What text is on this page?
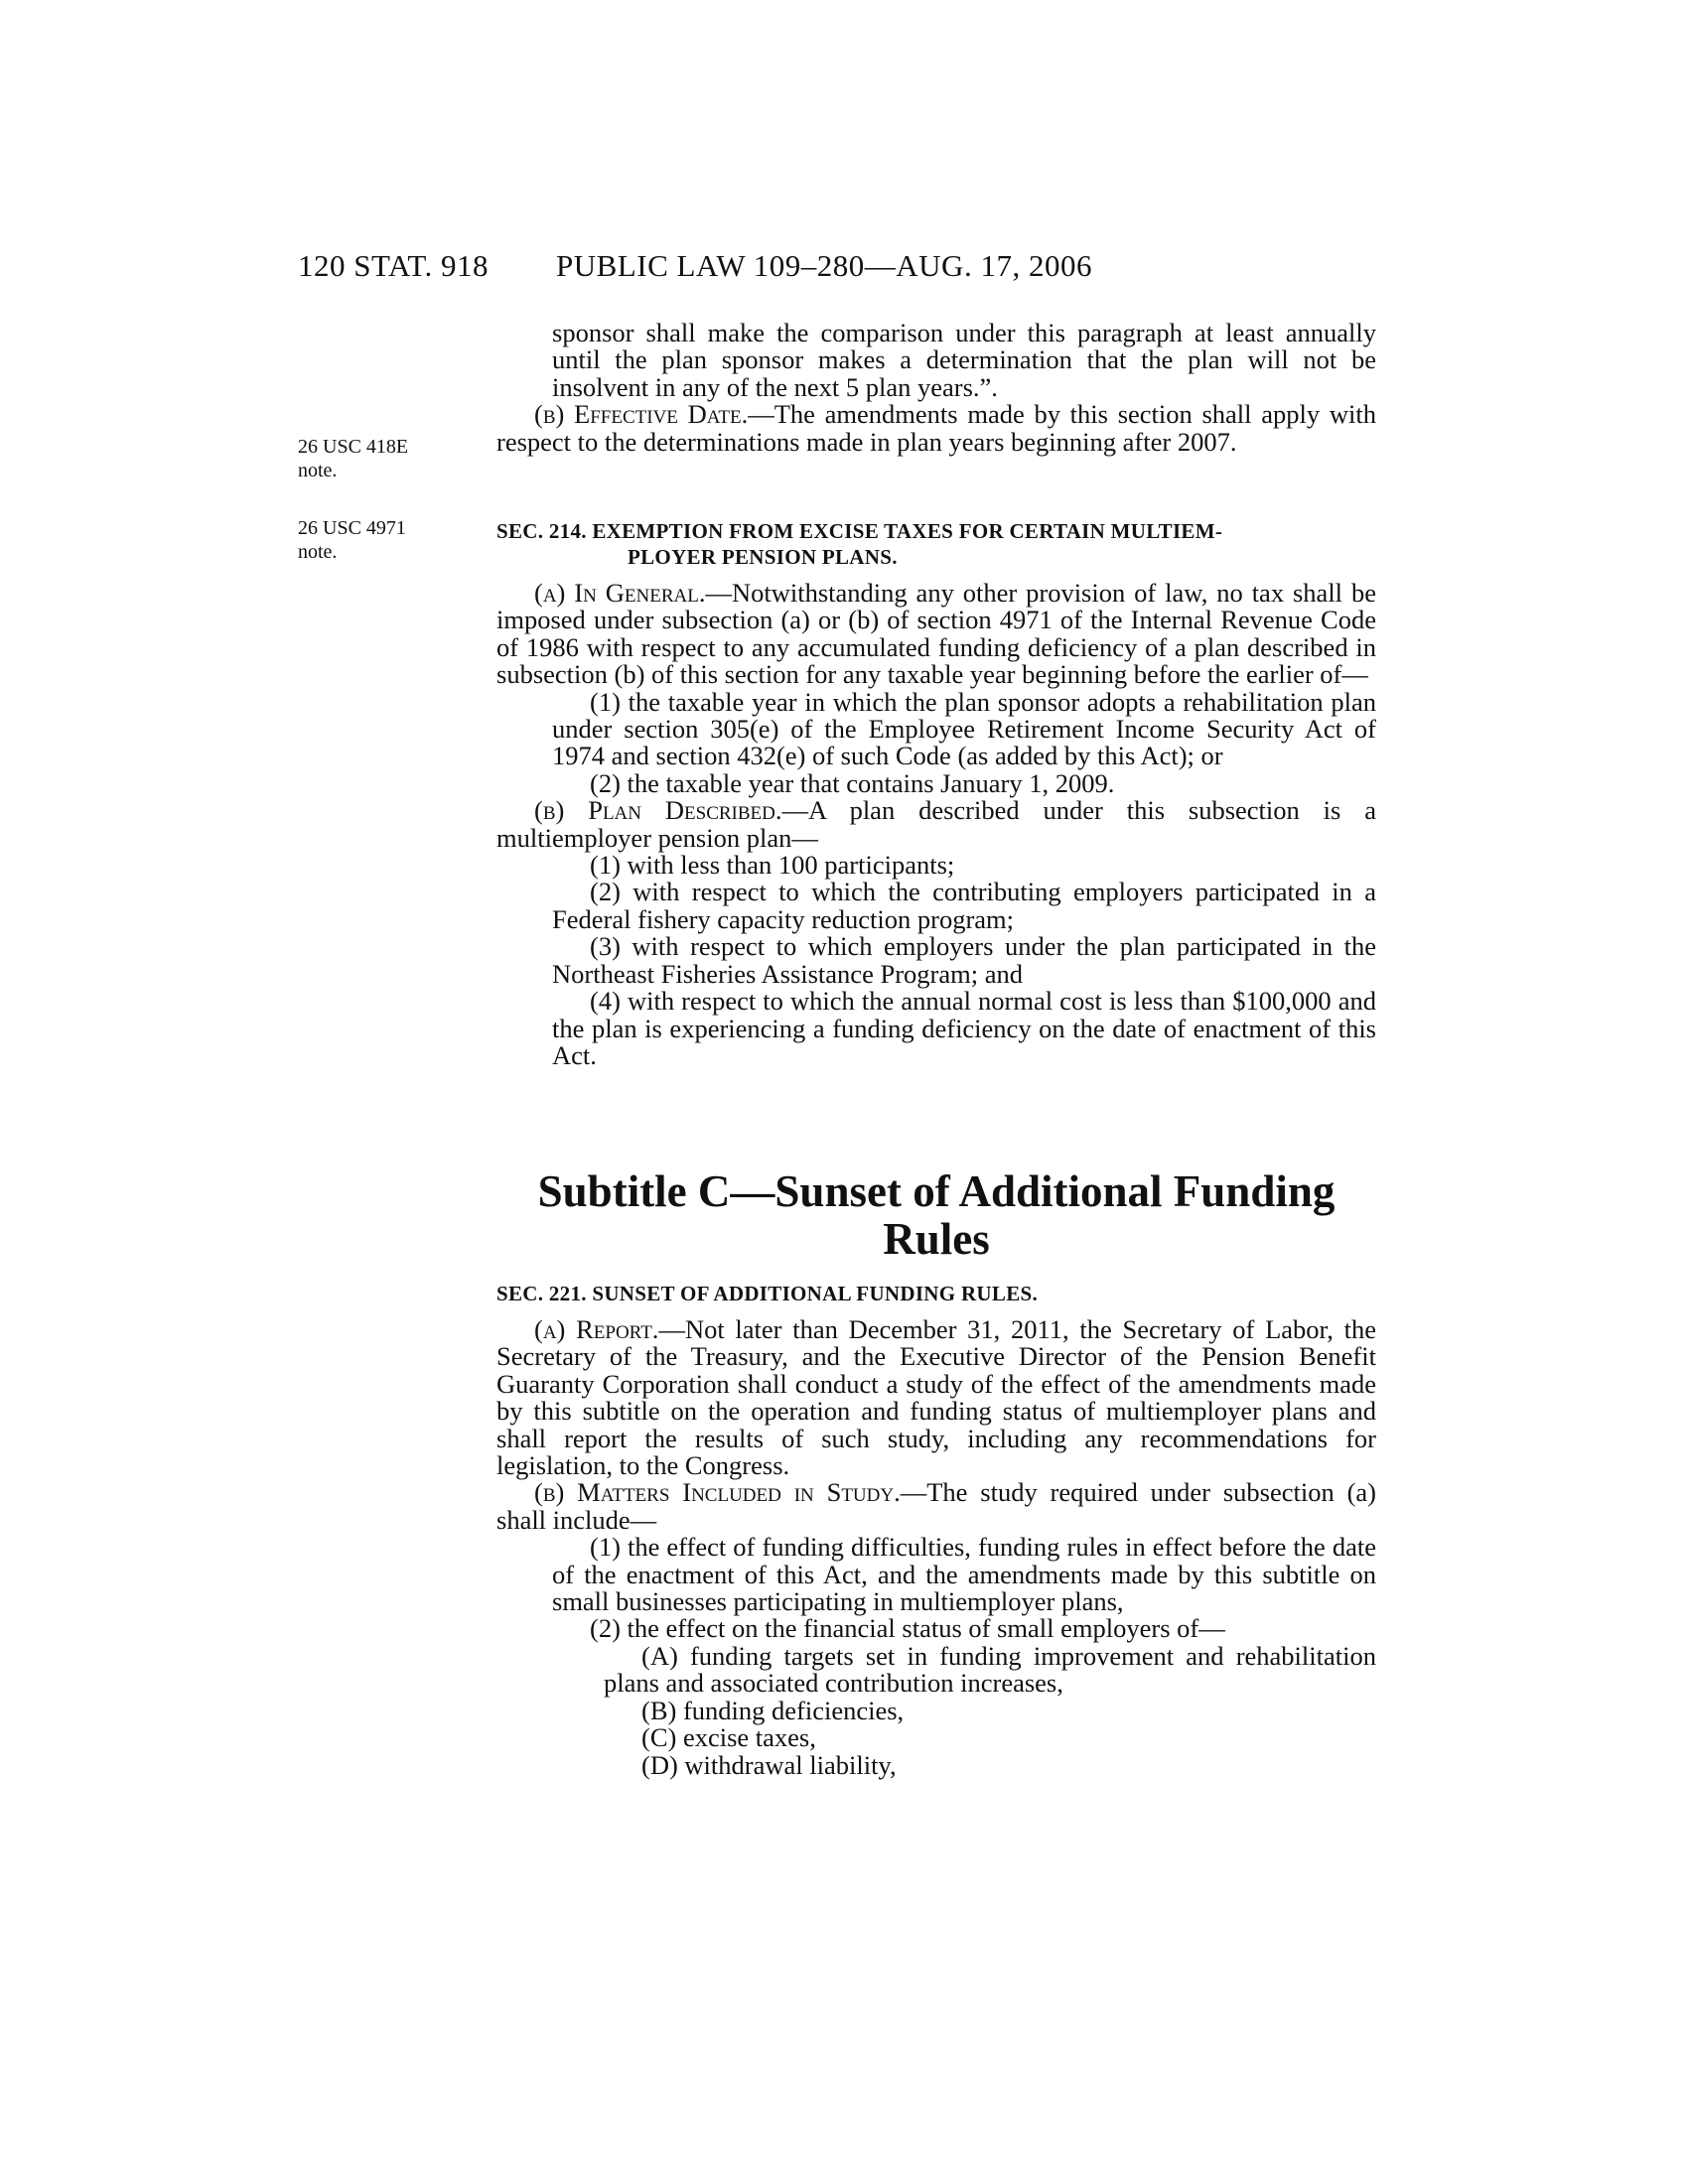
120 STAT. 918 PUBLIC LAW 109–280—AUG. 17, 2006
26 USC 418E note.
26 USC 4971 note.

sponsor shall make the comparison under this paragraph at least annually until the plan sponsor makes a determination that the plan will not be insolvent in any of the next 5 plan years.”.

(b) Effective Date.—The amendments made by this section shall apply with respect to the determinations made in plan years beginning after 2007.

SEC. 214. EXEMPTION FROM EXCISE TAXES FOR CERTAIN MULTIEM-
PLOYER PENSION PLANS.

(a) In General.—Notwithstanding any other provision of law, no tax shall be imposed under subsection (a) or (b) of section 4971 of the Internal Revenue Code of 1986 with respect to any accumulated funding deficiency of a plan described in subsection (b) of this section for any taxable year beginning before the earlier of—

(1) the taxable year in which the plan sponsor adopts a rehabilitation plan under section 305(e) of the Employee Retirement Income Security Act of 1974 and section 432(e) of such Code (as added by this Act); or

(2) the taxable year that contains January 1, 2009.

(b) Plan Described.—A plan described under this subsection is a multiemployer pension plan—

(1) with less than 100 participants;

(2) with respect to which the contributing employers participated in a Federal fishery capacity reduction program;

(3) with respect to which employers under the plan participated in the Northeast Fisheries Assistance Program; and

(4) with respect to which the annual normal cost is less than $100,000 and the plan is experiencing a funding deficiency on the date of enactment of this Act.

Subtitle C—Sunset of Additional Funding
Rules
SEC. 221. SUNSET OF ADDITIONAL FUNDING RULES.

(a) Report.—Not later than December 31, 2011, the Secretary of Labor, the Secretary of the Treasury, and the Executive Director of the Pension Benefit Guaranty Corporation shall conduct a study of the effect of the amendments made by this subtitle on the operation and funding status of multiemployer plans and shall report the results of such study, including any recommendations for legislation, to the Congress.

(b) Matters Included in Study.—The study required under subsection (a) shall include—

(1) the effect of funding difficulties, funding rules in effect before the date of the enactment of this Act, and the amendments made by this subtitle on small businesses participating in multiemployer plans,

(2) the effect on the financial status of small employers of—

(A) funding targets set in funding improvement and rehabilitation plans and associated contribution increases,

(B) funding deficiencies,

(C) excise taxes,

(D) withdrawal liability,
